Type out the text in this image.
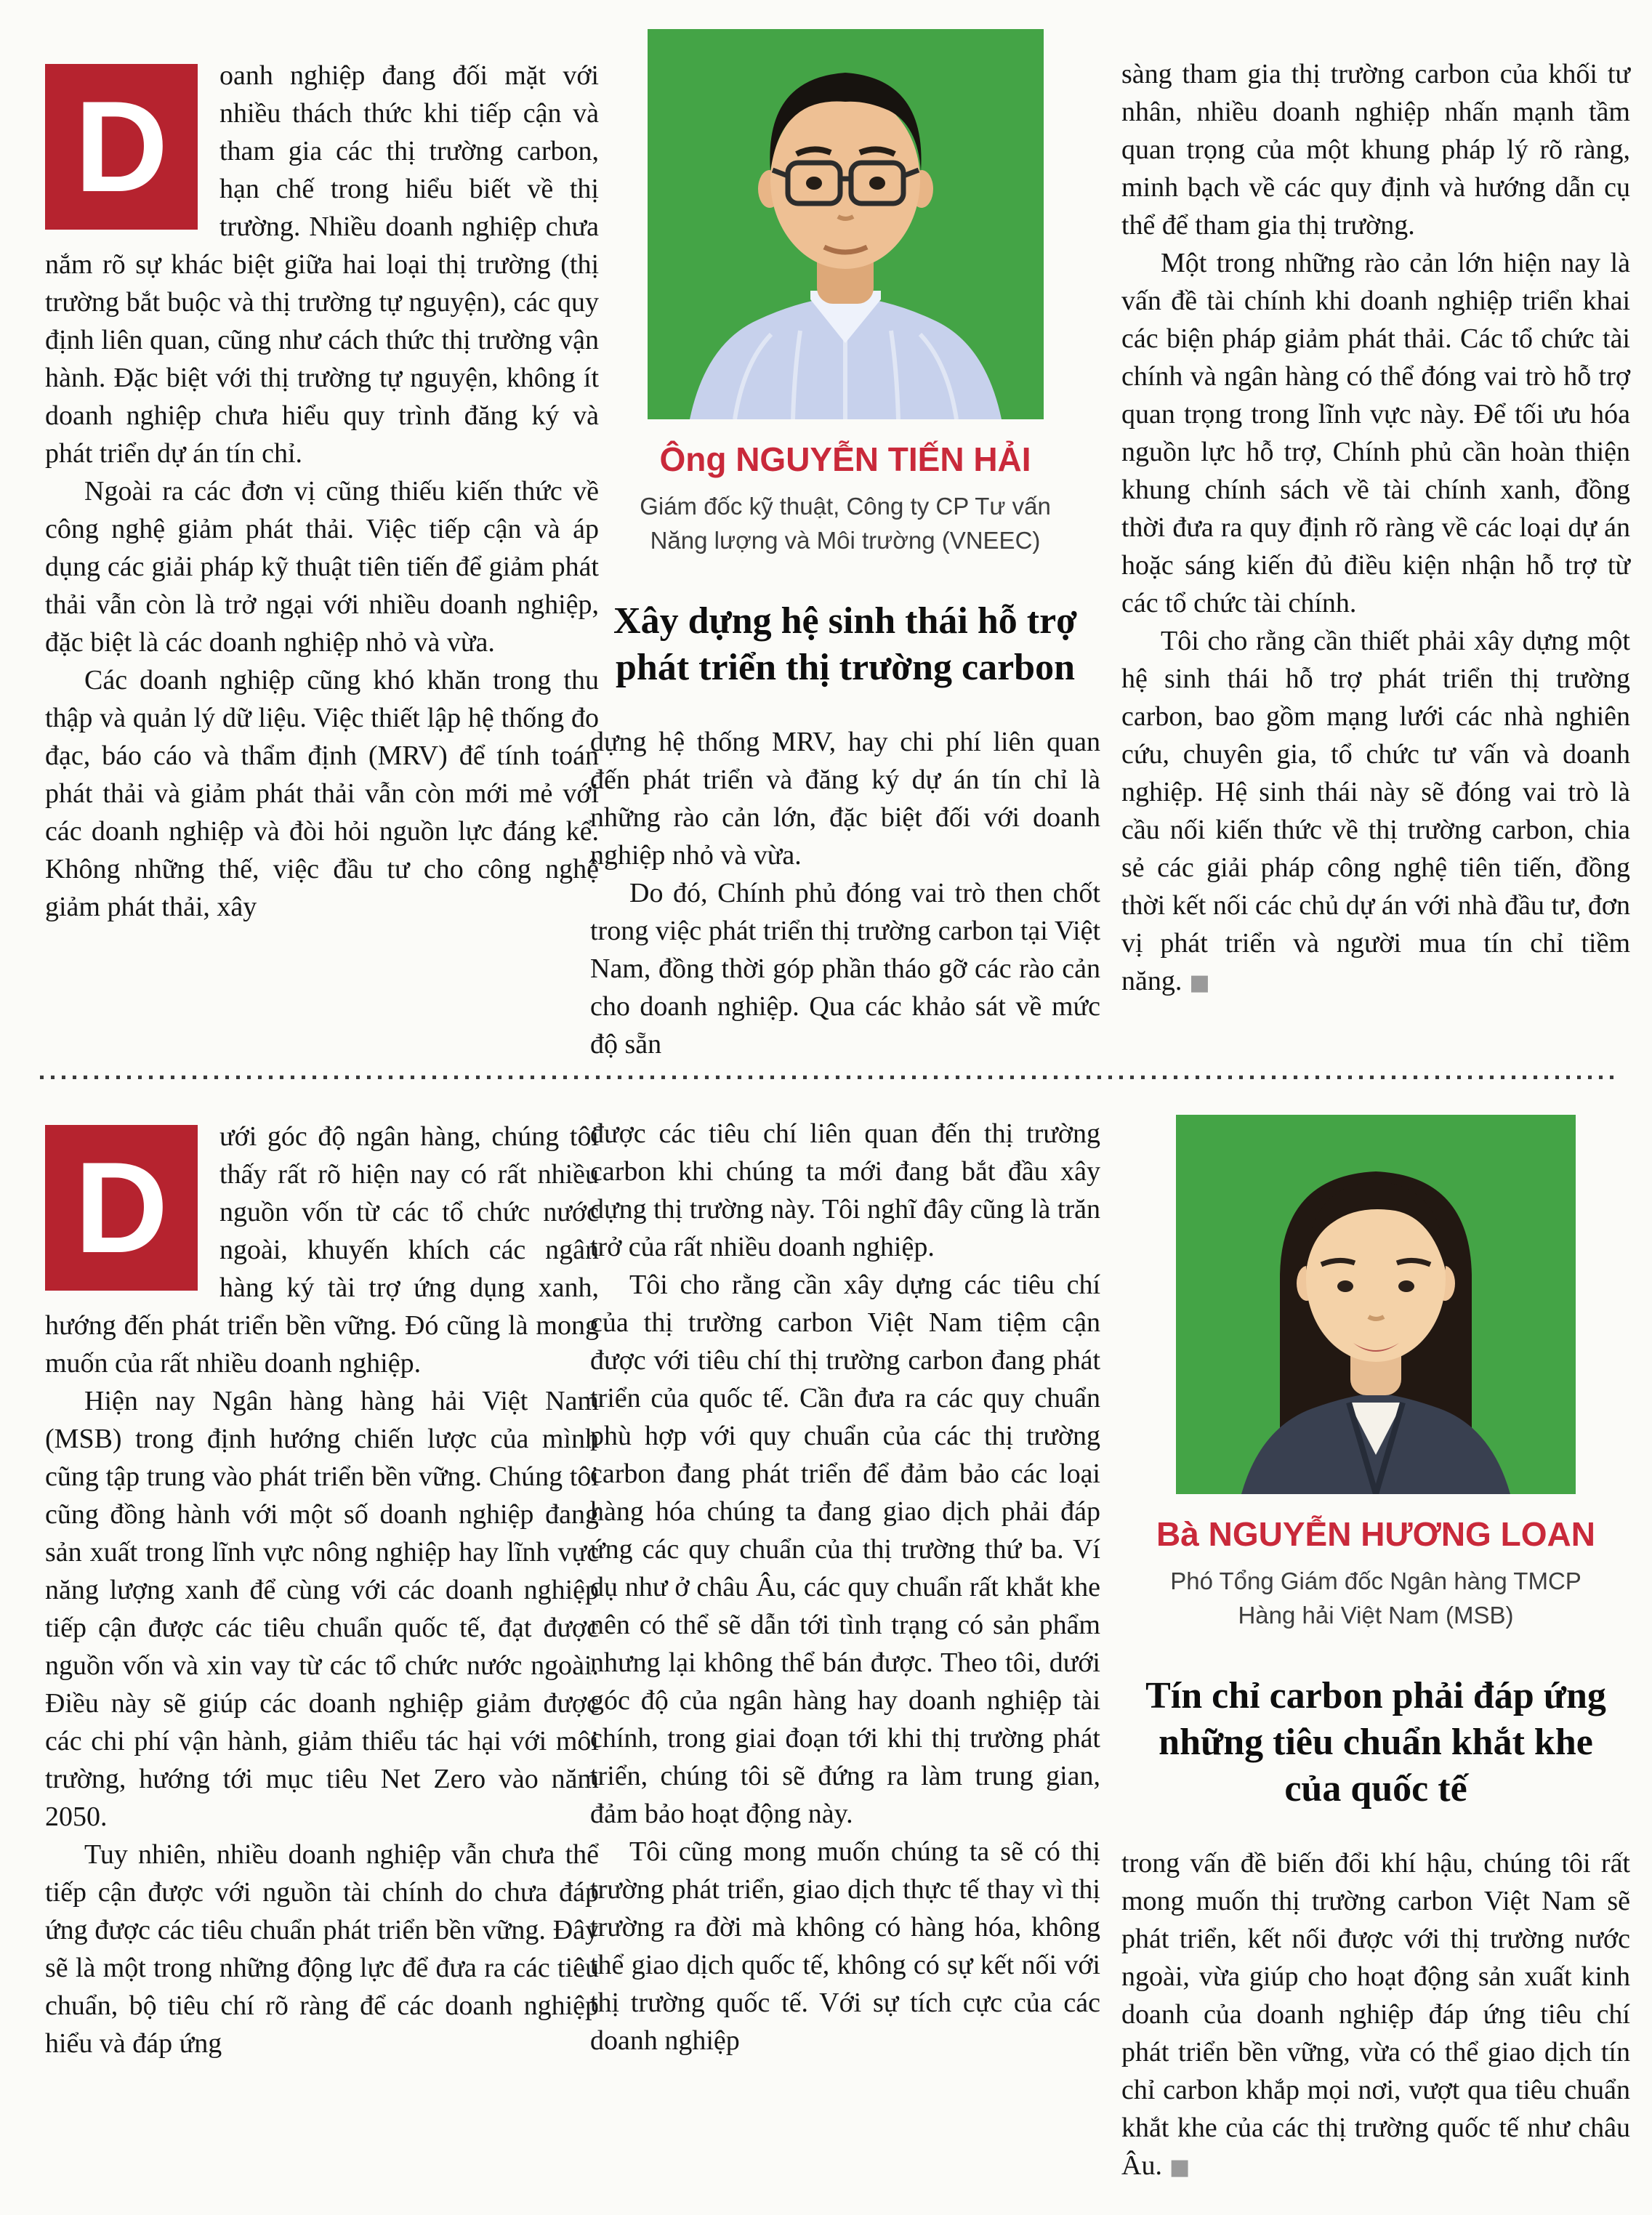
D	oanh nghiệp đang đối mặt với nhiều thách thức khi tiếp cận và tham gia các thị trường carbon, hạn chế trong hiểu biết về thị trường. Nhiều doanh nghiệp chưa nắm rõ sự khác biệt giữa hai loại thị trường (thị trường bắt buộc và thị trường tự nguyện), các quy định liên quan, cũng như cách thức thị trường vận hành. Đặc biệt với thị trường tự nguyện, không ít doanh nghiệp chưa hiểu quy trình đăng ký và phát triển dự án tín chỉ.
Ngoài ra các đơn vị cũng thiếu kiến thức về công nghệ giảm phát thải. Việc tiếp cận và áp dụng các giải pháp kỹ thuật tiên tiến để giảm phát thải vẫn còn là trở ngại với nhiều doanh nghiệp, đặc biệt là các doanh nghiệp nhỏ và vừa.
Các doanh nghiệp cũng khó khăn trong thu thập và quản lý dữ liệu. Việc thiết lập hệ thống đo đạc, báo cáo và thẩm định (MRV) để tính toán phát thải và giảm phát thải vẫn còn mới mẻ với các doanh nghiệp và đòi hỏi nguồn lực đáng kể. Không những thế, việc đầu tư cho công nghệ giảm phát thải, xây
Ông NGUYỄN TIẾN HẢI
Giám đốc kỹ thuật, Công ty CP Tư vấn
Năng lượng và Môi trường (VNEEC)
Xây dựng hệ sinh thái hỗ trợ
phát triển thị trường carbon
dựng hệ thống MRV, hay chi phí liên quan đến phát triển và đăng ký dự án tín chỉ là những rào cản lớn, đặc biệt đối với doanh nghiệp nhỏ và vừa.
Do đó, Chính phủ đóng vai trò then chốt trong việc phát triển thị trường carbon tại Việt Nam, đồng thời góp phần tháo gỡ các rào cản cho doanh nghiệp. Qua các khảo sát về mức độ sẵn
sàng tham gia thị trường carbon của khối tư nhân, nhiều doanh nghiệp nhấn mạnh tầm quan trọng của một khung pháp lý rõ ràng, minh bạch về các quy định và hướng dẫn cụ thể để tham gia thị trường.
Một trong những rào cản lớn hiện nay là vấn đề tài chính khi doanh nghiệp triển khai các biện pháp giảm phát thải. Các tổ chức tài chính và ngân hàng có thể đóng vai trò hỗ trợ quan trọng trong lĩnh vực này. Để tối ưu hóa nguồn lực hỗ trợ, Chính phủ cần hoàn thiện khung chính sách về tài chính xanh, đồng thời đưa ra quy định rõ ràng về các loại dự án hoặc sáng kiến đủ điều kiện nhận hỗ trợ từ các tổ chức tài chính.
Tôi cho rằng cần thiết phải xây dựng một hệ sinh thái hỗ trợ phát triển thị trường carbon, bao gồm mạng lưới các nhà nghiên cứu, chuyên gia, tổ chức tư vấn và doanh nghiệp. Hệ sinh thái này sẽ đóng vai trò là cầu nối kiến thức về thị trường carbon, chia sẻ các giải pháp công nghệ tiên tiến, đồng thời kết nối các chủ dự án với nhà đầu tư, đơn vị phát triển và người mua tín chỉ tiềm năng. ■
D	ưới góc độ ngân hàng, chúng tôi thấy rất rõ hiện nay có rất nhiều nguồn vốn từ các tổ chức nước ngoài, khuyến khích các ngân hàng ký tài trợ ứng dụng xanh, hướng đến phát triển bền vững. Đó cũng là mong muốn của rất nhiều doanh nghiệp.
Hiện nay Ngân hàng hàng hải Việt Nam (MSB) trong định hướng chiến lược của mình cũng tập trung vào phát triển bền vững. Chúng tôi cũng đồng hành với một số doanh nghiệp đang sản xuất trong lĩnh vực nông nghiệp hay lĩnh vực năng lượng xanh để cùng với các doanh nghiệp tiếp cận được các tiêu chuẩn quốc tế, đạt được nguồn vốn và xin vay từ các tổ chức nước ngoài. Điều này sẽ giúp các doanh nghiệp giảm được các chi phí vận hành, giảm thiểu tác hại với môi trường, hướng tới mục tiêu Net Zero vào năm 2050.
Tuy nhiên, nhiều doanh nghiệp vẫn chưa thể tiếp cận được với nguồn tài chính do chưa đáp ứng được các tiêu chuẩn phát triển bền vững. Đây sẽ là một trong những động lực để đưa ra các tiêu chuẩn, bộ tiêu chí rõ ràng để các doanh nghiệp hiểu và đáp ứng
được các tiêu chí liên quan đến thị trường carbon khi chúng ta mới đang bắt đầu xây dựng thị trường này. Tôi nghĩ đây cũng là trăn trở của rất nhiều doanh nghiệp.
Tôi cho rằng cần xây dựng các tiêu chí của thị trường carbon Việt Nam tiệm cận được với tiêu chí thị trường carbon đang phát triển của quốc tế. Cần đưa ra các quy chuẩn phù hợp với quy chuẩn của các thị trường carbon đang phát triển để đảm bảo các loại hàng hóa chúng ta đang giao dịch phải đáp ứng các quy chuẩn của thị trường thứ ba. Ví dụ như ở châu Âu, các quy chuẩn rất khắt khe nên có thể sẽ dẫn tới tình trạng có sản phẩm nhưng lại không thể bán được. Theo tôi, dưới góc độ của ngân hàng hay doanh nghiệp tài chính, trong giai đoạn tới khi thị trường phát triển, chúng tôi sẽ đứng ra làm trung gian, đảm bảo hoạt động này.
Tôi cũng mong muốn chúng ta sẽ có thị trường phát triển, giao dịch thực tế thay vì thị trường ra đời mà không có hàng hóa, không thể giao dịch quốc tế, không có sự kết nối với thị trường quốc tế. Với sự tích cực của các doanh nghiệp
Bà NGUYỄN HƯƠNG LOAN
Phó Tổng Giám đốc Ngân hàng TMCP
Hàng hải Việt Nam (MSB)
Tín chỉ carbon phải đáp ứng
những tiêu chuẩn khắt khe
của quốc tế
trong vấn đề biến đổi khí hậu, chúng tôi rất mong muốn thị trường carbon Việt Nam sẽ phát triển, kết nối được với thị trường nước ngoài, vừa giúp cho hoạt động sản xuất kinh doanh của doanh nghiệp đáp ứng tiêu chí phát triển bền vững, vừa có thể giao dịch tín chỉ carbon khắp mọi nơi, vượt qua tiêu chuẩn khắt khe của các thị trường quốc tế như châu Âu. ■
